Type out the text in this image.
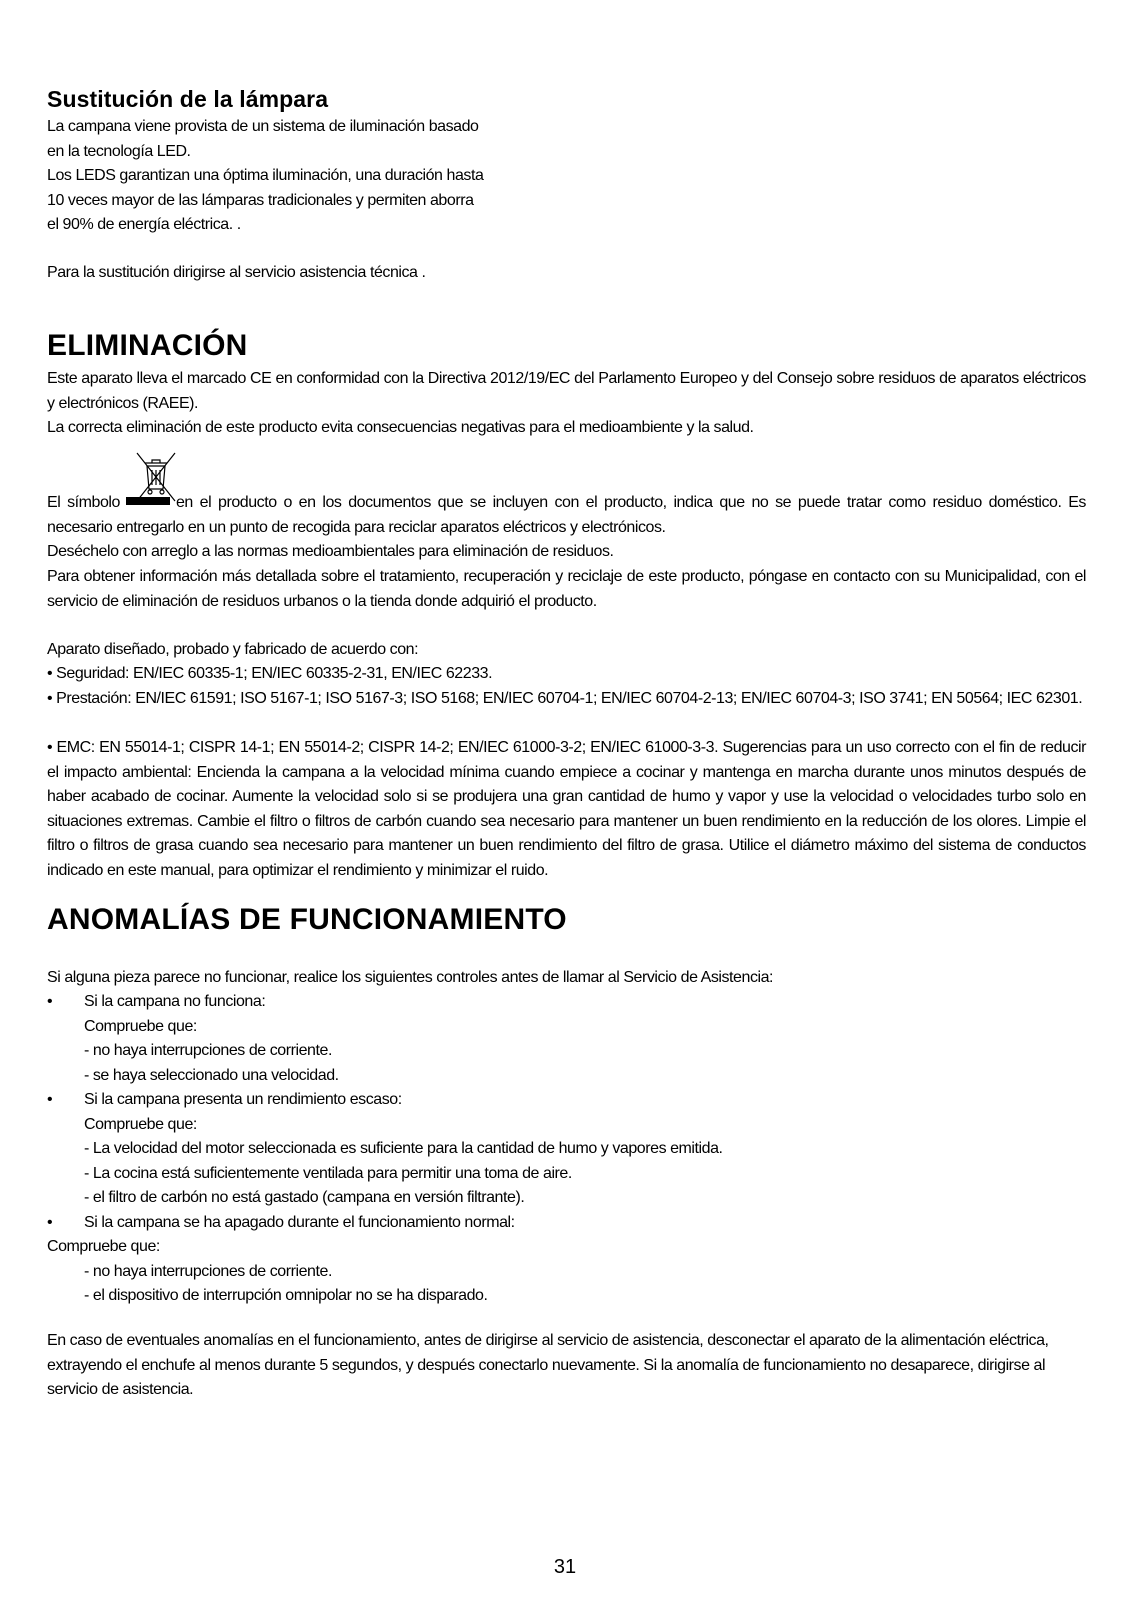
Sustitución de la lámpara

La campana viene provista de un sistema de iluminación basado

en la tecnología LED.

Los LEDS garantizan una óptima iluminación, una duración hasta

10 veces mayor de las lámparas tradicionales y permiten aborra

el 90% de energía eléctrica. .

Para la sustitución dirigirse al servicio asistencia técnica .
ELIMINACIÓN
Este aparato lleva el marcado CE en conformidad con la Directiva 2012/19/EC del Parlamento Europeo y del Consejo sobre residuos de aparatos eléctricos y electrónicos (RAEE).
La correcta eliminación de este producto evita consecuencias negativas para el medioambiente y la salud.
El símbolo	en el producto o en los documentos que se incluyen con el producto, indica que no se puede tratar como residuo doméstico. Es necesario entregarlo en un punto de recogida para reciclar aparatos eléctricos y electrónicos.
Deséchelo con arreglo a las normas medioambientales para eliminación de residuos.
Para obtener información más detallada sobre el tratamiento, recuperación y reciclaje de este producto, póngase en contacto con su Municipalidad, con el servicio de eliminación de residuos urbanos o la tienda donde adquirió el producto.
Aparato diseñado, probado y fabricado de acuerdo con:
• Seguridad: EN/IEC 60335-1; EN/IEC 60335-2-31, EN/IEC 62233.
• Prestación: EN/IEC 61591; ISO 5167-1; ISO 5167-3; ISO 5168; EN/IEC 60704-1; EN/IEC 60704-2-13; EN/IEC 60704-3; ISO 3741; EN 50564; IEC 62301.
• EMC: EN 55014-1; CISPR 14-1; EN 55014-2; CISPR 14-2; EN/IEC 61000-3-2; EN/IEC 61000-3-3. Sugerencias para un uso correcto con el fin de reducir el impacto ambiental: Encienda la campana a la velocidad mínima cuando empiece a cocinar y mantenga en marcha durante unos minutos después de haber acabado de cocinar. Aumente la velocidad solo si se produjera una gran cantidad de humo y vapor y use la velocidad o velocidades turbo solo en situaciones extremas. Cambie el filtro o filtros de carbón cuando sea necesario para mantener un buen rendimiento en la reducción de los olores. Limpie el filtro o filtros de grasa cuando sea necesario para mantener un buen rendimiento del filtro de grasa. Utilice el diámetro máximo del sistema de conductos indicado en este manual, para optimizar el rendimiento y minimizar el ruido.
ANOMALÍAS DE FUNCIONAMIENTO
Si alguna pieza parece no funcionar, realice los siguientes controles antes de llamar al Servicio de Asistencia:
• Si la campana no funciona:
Compruebe que:
- no haya interrupciones de corriente.
- se haya seleccionado una velocidad.
• Si la campana presenta un rendimiento escaso:
Compruebe que:
- La velocidad del motor seleccionada es suficiente para la cantidad de humo y vapores emitida.
- La cocina está suficientemente ventilada para permitir una toma de aire.
- el filtro de carbón no está gastado (campana en versión filtrante).
• Si la campana se ha apagado durante el funcionamiento normal:
Compruebe que:
- no haya interrupciones de corriente.
- el dispositivo de interrupción omnipolar no se ha disparado.
En caso de eventuales anomalías en el funcionamiento, antes de dirigirse al servicio de asistencia, desconectar el aparato de la alimentación eléctrica, extrayendo el enchufe al menos durante 5 segundos, y después conectarlo nuevamente. Si la anomalía de funcionamiento no desaparece, dirigirse al servicio de asistencia.
31
